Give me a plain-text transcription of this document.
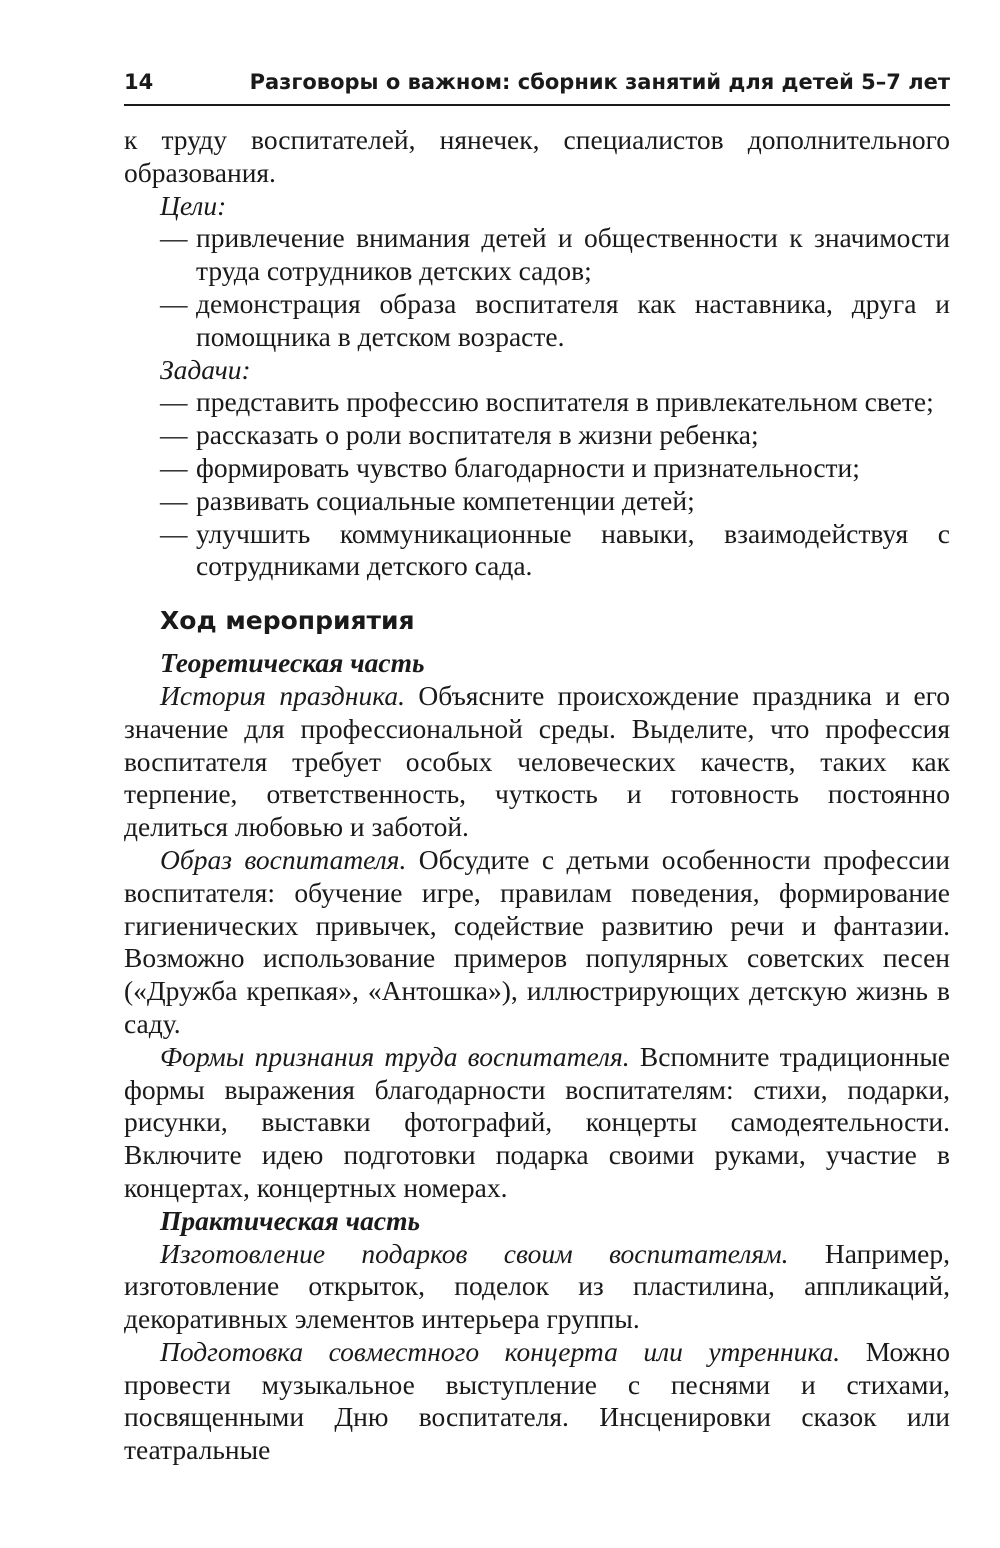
14	Разговоры о важном: сборник занятий для детей 5–7 лет

к труду воспитателей, нянечек, специалистов дополнительного образования.

Цели:

— привлечение внимания детей и общественности к значимости труда сотрудников детских садов;

— демонстрация образа воспитателя как наставника, друга и помощника в детском возрасте.

Задачи:

— представить профессию воспитателя в привлекательном свете;

— рассказать о роли воспитателя в жизни ребенка;

— формировать чувство благодарности и признательности;

— развивать социальные компетенции детей;

— улучшить коммуникационные навыки, взаимодействуя с сотрудниками детского сада.

Ход мероприятия

Теоретическая часть

История праздника. Объясните происхождение праздника и его значение для профессиональной среды. Выделите, что профессия воспитателя требует особых человеческих качеств, таких как терпение, ответственность, чуткость и готовность постоянно делиться любовью и заботой.

Образ воспитателя. Обсудите с детьми особенности профессии воспитателя: обучение игре, правилам поведения, формирование гигиенических привычек, содействие развитию речи и фантазии. Возможно использование примеров популярных советских песен («Дружба крепкая», «Антошка»), иллюстрирующих детскую жизнь в саду.

Формы признания труда воспитателя. Вспомните традиционные формы выражения благодарности воспитателям: стихи, подарки, рисунки, выставки фотографий, концерты самодеятельности. Включите идею подготовки подарка своими руками, участие в концертах, концертных номерах.

Практическая часть

Изготовление подарков своим воспитателям. Например, изготовление открыток, поделок из пластилина, аппликаций, декоративных элементов интерьера группы.

Подготовка совместного концерта или утренника. Можно провести музыкальное выступление с песнями и стихами, посвященными Дню воспитателя. Инсценировки сказок или театральные
